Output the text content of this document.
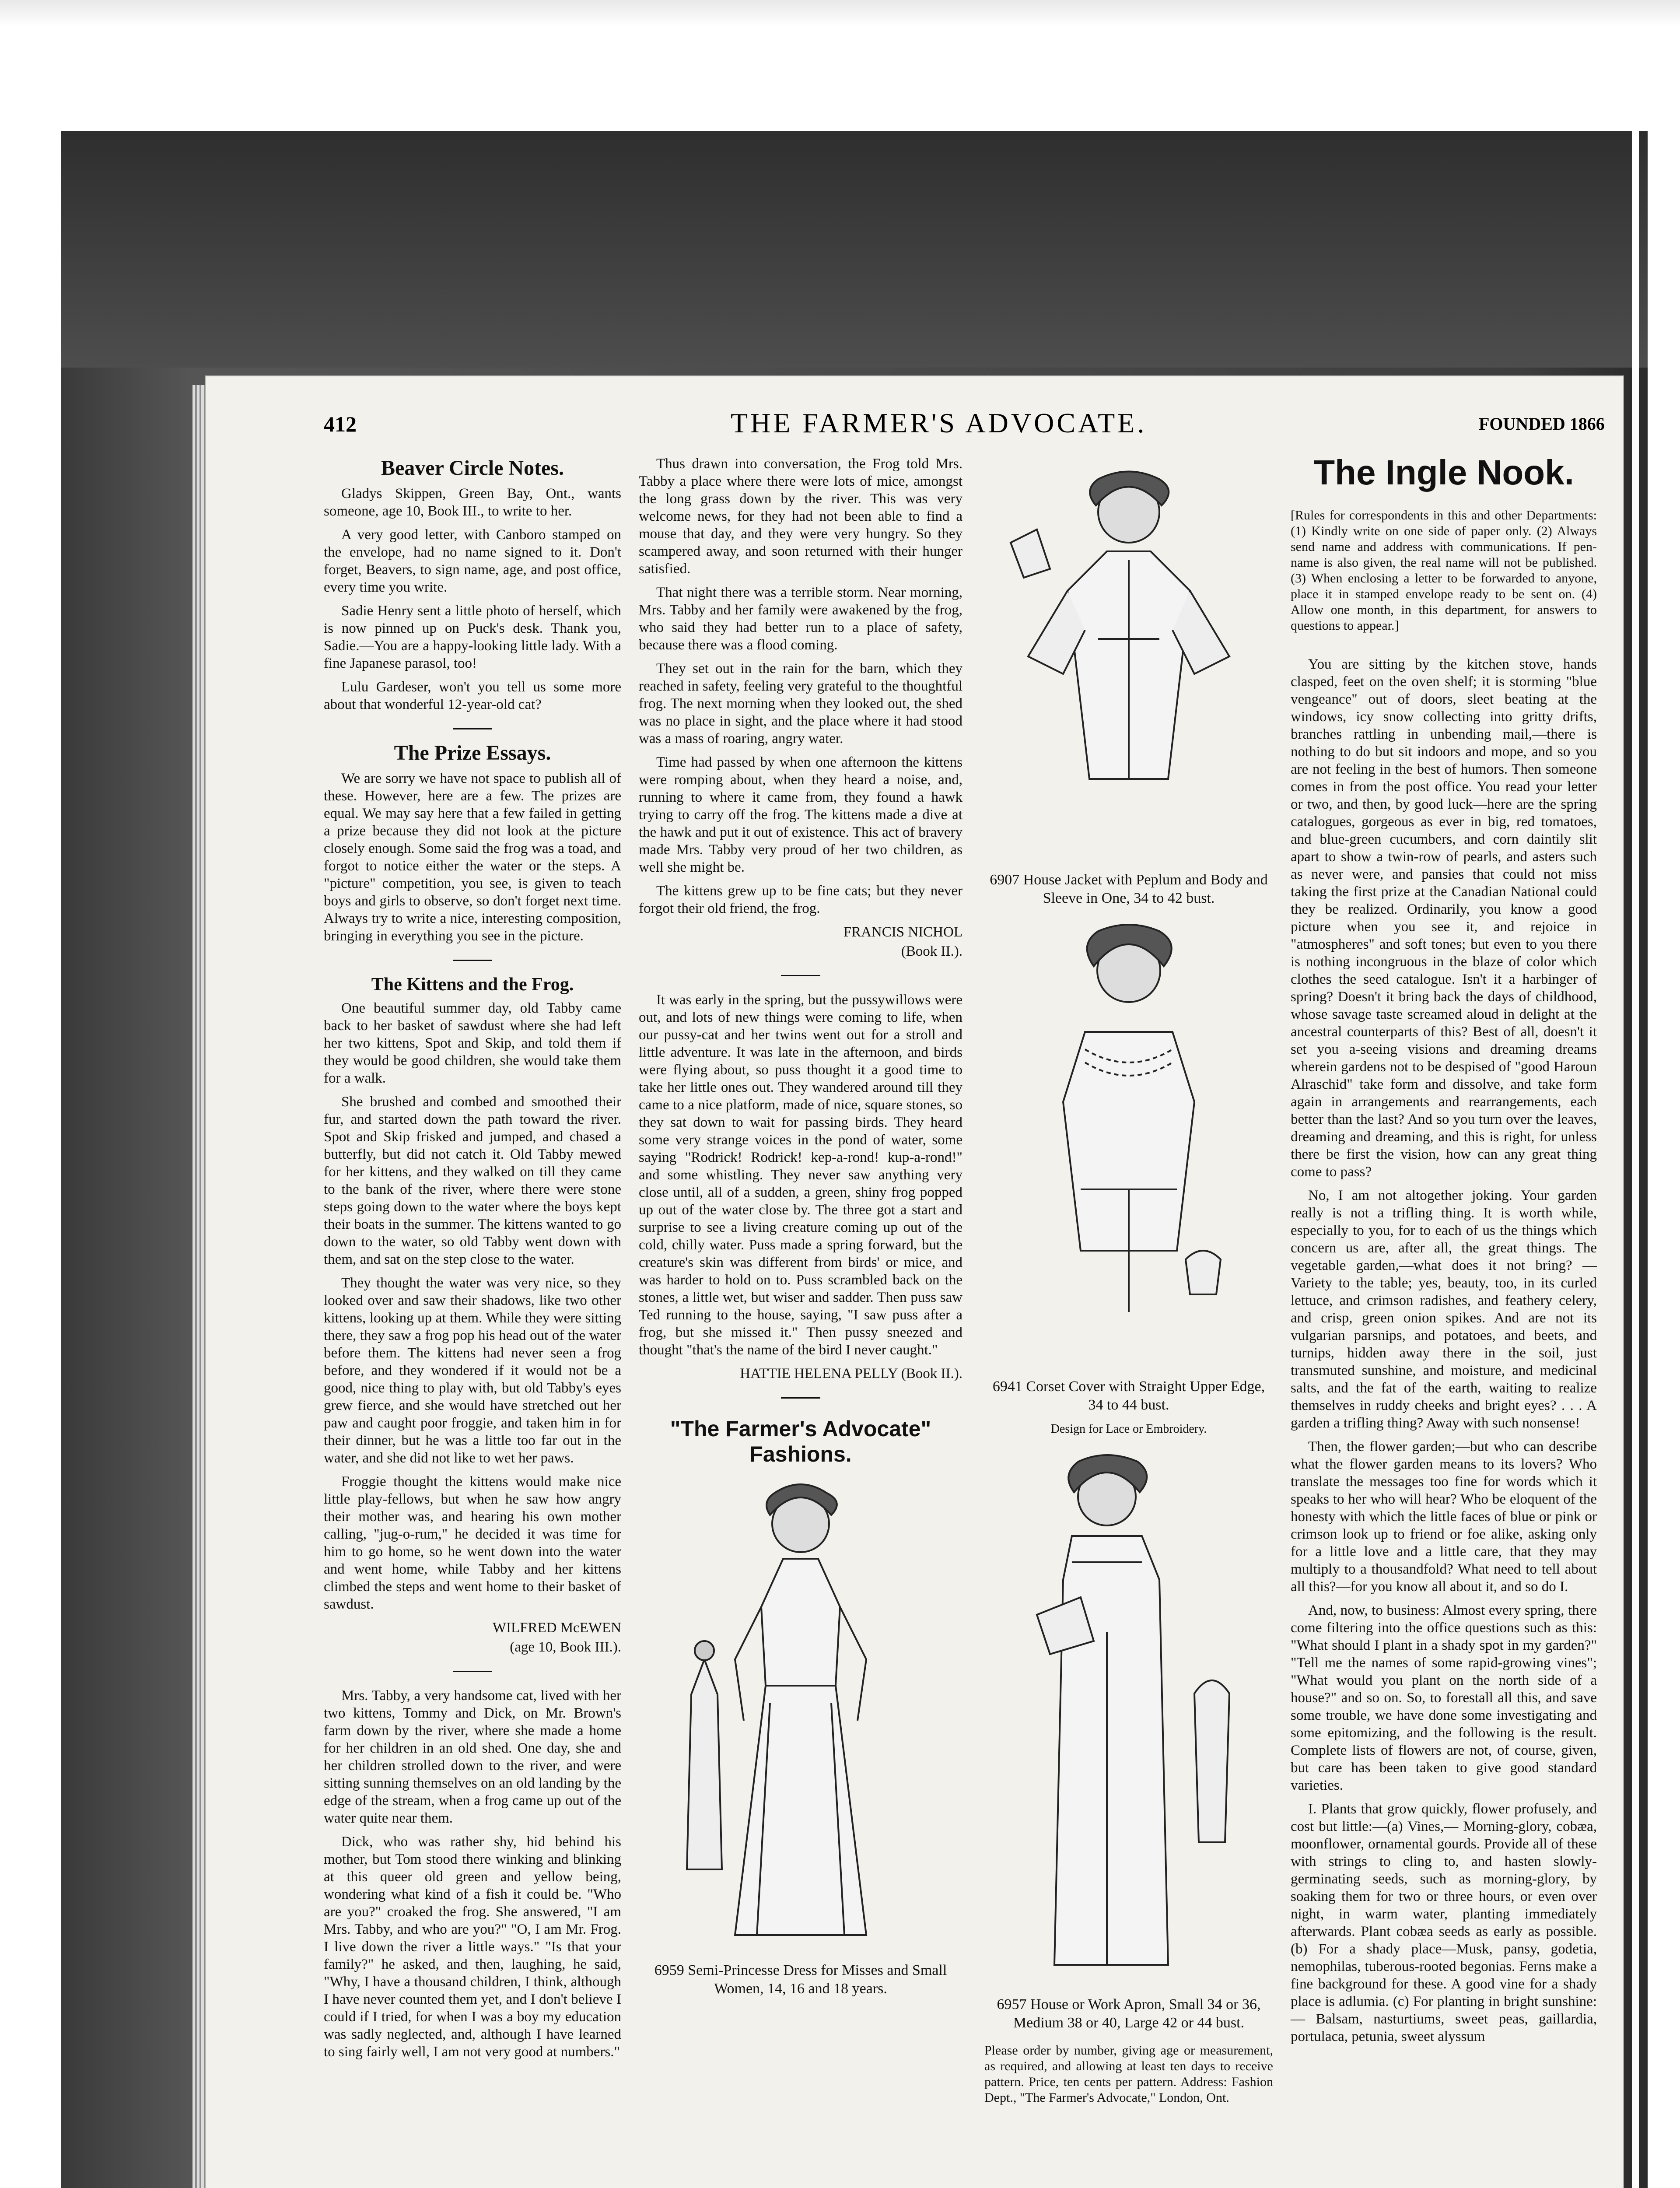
412	THE FARMER'S ADVOCATE.	FOUNDED 1866
Beaver Circle Notes.

Gladys Skippen, Green Bay, Ont., wants someone, age 10, Book III., to write to her.

A very good letter, with Canboro stamped on the envelope, had no name signed to it. Don't forget, Beavers, to sign name, age, and post office, every time you write.

Sadie Henry sent a little photo of herself, which is now pinned up on Puck's desk. Thank you, Sadie.—You are a happy-looking little lady. With a fine Japanese parasol, too!

Lulu Gardeser, won't you tell us some more about that wonderful 12-year-old cat?

The Prize Essays.

We are sorry we have not space to publish all of these. However, here are a few. The prizes are equal. We may say here that a few failed in getting a prize because they did not look at the picture closely enough. Some said the frog was a toad, and forgot to notice either the water or the steps. A "picture" competition, you see, is given to teach boys and girls to observe, so don't forget next time. Always try to write a nice, interesting composition, bringing in everything you see in the picture.

The Kittens and the Frog.

One beautiful summer day, old Tabby came back to her basket of sawdust where she had left her two kittens, Spot and Skip, and told them if they would be good children, she would take them for a walk.

She brushed and combed and smoothed their fur, and started down the path toward the river. Spot and Skip frisked and jumped, and chased a butterfly, but did not catch it. Old Tabby mewed for her kittens, and they walked on till they came to the bank of the river, where there were stone steps going down to the water where the boys kept their boats in the summer. The kittens wanted to go down to the water, so old Tabby went down with them, and sat on the step close to the water.

They thought the water was very nice, so they looked over and saw their shadows, like two other kittens, looking up at them. While they were sitting there, they saw a frog pop his head out of the water before them. The kittens had never seen a frog before, and they wondered if it would not be a good, nice thing to play with, but old Tabby's eyes grew fierce, and she would have stretched out her paw and caught poor froggie, and taken him in for their dinner, but he was a little too far out in the water, and she did not like to wet her paws.

Froggie thought the kittens would make nice little play-fellows, but when he saw how angry their mother was, and hearing his own mother calling, "jug-o-rum," he decided it was time for him to go home, so he went down into the water and went home, while Tabby and her kittens climbed the steps and went home to their basket of sawdust.

WILFRED McEWEN
(age 10, Book III.).

Mrs. Tabby, a very handsome cat, lived with her two kittens, Tommy and Dick, on Mr. Brown's farm down by the river, where she made a home for her children in an old shed. One day, she and her children strolled down to the river, and were sitting sunning themselves on an old landing by the edge of the stream, when a frog came up out of the water quite near them.

Dick, who was rather shy, hid behind his mother, but Tom stood there winking and blinking at this queer old green and yellow being, wondering what kind of a fish it could be. "Who are you?" croaked the frog. She answered, "I am Mrs. Tabby, and who are you?" "O, I am Mr. Frog. I live down the river a little ways." "Is that your family?" he asked, and then, laughing, he said, "Why, I have a thousand children, I think, although I have never counted them yet, and I don't believe I could if I tried, for when I was a boy my education was sadly neglected, and, although I have learned to sing fairly well, I am not very good at numbers."

Thus drawn into conversation, the Frog told Mrs. Tabby a place where there were lots of mice, amongst the long grass down by the river. This was very welcome news, for they had not been able to find a mouse that day, and they were very hungry. So they scampered away, and soon returned with their hunger satisfied.

That night there was a terrible storm. Near morning, Mrs. Tabby and her family were awakened by the frog, who said they had better run to a place of safety, because there was a flood coming.

They set out in the rain for the barn, which they reached in safety, feeling very grateful to the thoughtful frog. The next morning when they looked out, the shed was no place in sight, and the place where it had stood was a mass of roaring, angry water.

Time had passed by when one afternoon the kittens were romping about, when they heard a noise, and, running to where it came from, they found a hawk trying to carry off the frog. The kittens made a dive at the hawk and put it out of existence. This act of bravery made Mrs. Tabby very proud of her two children, as well she might be.

The kittens grew up to be fine cats; but they never forgot their old friend, the frog.

FRANCIS NICHOL
(Book II.).

It was early in the spring, but the pussywillows were out, and lots of new things were coming to life, when our pussy-cat and her twins went out for a stroll and little adventure. It was late in the afternoon, and birds were flying about, so puss thought it a good time to take her little ones out. They wandered around till they came to a nice platform, made of nice, square stones, so they sat down to wait for passing birds. They heard some very strange voices in the pond of water, some saying "Rodrick! Rodrick! kep-a-rond! kup-a-rond!" and some whistling. They never saw anything very close until, all of a sudden, a green, shiny frog popped up out of the water close by. The three got a start and surprise to see a living creature coming up out of the cold, chilly water. Puss made a spring forward, but the creature's skin was different from birds' or mice, and was harder to hold on to. Puss scrambled back on the stones, a little wet, but wiser and sadder. Then puss saw Ted running to the house, saying, "I saw puss after a frog, but she missed it." Then pussy sneezed and thought "that's the name of the bird I never caught."

HATTIE HELENA PELLY (Book II.).
"The Farmer's Advocate" Fashions.
6959 Semi-Princesse Dress for Misses and Small Women, 14, 16 and 18 years.
6907 House Jacket with Peplum and Body and Sleeve in One, 34 to 42 bust.
6941 Corset Cover with Straight Upper Edge, 34 to 44 bust.
Design for Lace or Embroidery.
6957 House or Work Apron, Small 34 or 36, Medium 38 or 40, Large 42 or 44 bust.
Please order by number, giving age or measurement, as required, and allowing at least ten days to receive pattern. Price, ten cents per pattern. Address: Fashion Dept., "The Farmer's Advocate," London, Ont.
The Ingle Nook.

[Rules for correspondents in this and other Departments: (1) Kindly write on one side of paper only. (2) Always send name and address with communications. If pen-name is also given, the real name will not be published. (3) When enclosing a letter to be forwarded to anyone, place it in stamped envelope ready to be sent on. (4) Allow one month, in this department, for answers to questions to appear.]

You are sitting by the kitchen stove, hands clasped, feet on the oven shelf; it is storming "blue vengeance" out of doors, sleet beating at the windows, icy snow collecting into gritty drifts, branches rattling in unbending mail,—there is nothing to do but sit indoors and mope, and so you are not feeling in the best of humors. Then someone comes in from the post office. You read your letter or two, and then, by good luck—here are the spring catalogues, gorgeous as ever in big, red tomatoes, and blue-green cucumbers, and corn daintily slit apart to show a twin-row of pearls, and asters such as never were, and pansies that could not miss taking the first prize at the Canadian National could they be realized. Ordinarily, you know a good picture when you see it, and rejoice in "atmospheres" and soft tones; but even to you there is nothing incongruous in the blaze of color which clothes the seed catalogue. Isn't it a harbinger of spring? Doesn't it bring back the days of childhood, whose savage taste screamed aloud in delight at the ancestral counterparts of this? Best of all, doesn't it set you a-seeing visions and dreaming dreams wherein gardens not to be despised of "good Haroun Alraschid" take form and dissolve, and take form again in arrangements and rearrangements, each better than the last? And so you turn over the leaves, dreaming and dreaming, and this is right, for unless there be first the vision, how can any great thing come to pass?

No, I am not altogether joking. Your garden really is not a trifling thing. It is worth while, especially to you, for to each of us the things which concern us are, after all, the great things. The vegetable garden,—what does it not bring? —Variety to the table; yes, beauty, too, in its curled lettuce, and crimson radishes, and feathery celery, and crisp, green onion spikes. And are not its vulgarian parsnips, and potatoes, and beets, and turnips, hidden away there in the soil, just transmuted sunshine, and moisture, and medicinal salts, and the fat of the earth, waiting to realize themselves in ruddy cheeks and bright eyes? . . . A garden a trifling thing? Away with such nonsense!

Then, the flower garden;—but who can describe what the flower garden means to its lovers? Who translate the messages too fine for words which it speaks to her who will hear? Who be eloquent of the honesty with which the little faces of blue or pink or crimson look up to friend or foe alike, asking only for a little love and a little care, that they may multiply to a thousandfold? What need to tell about all this?—for you know all about it, and so do I.

And, now, to business: Almost every spring, there come filtering into the office questions such as this: "What should I plant in a shady spot in my garden?" "Tell me the names of some rapid-growing vines"; "What would you plant on the north side of a house?" and so on. So, to forestall all this, and save some trouble, we have done some investigating and some epitomizing, and the following is the result. Complete lists of flowers are not, of course, given, but care has been taken to give good standard varieties.

I. Plants that grow quickly, flower profusely, and cost but little:—(a) Vines,— Morning-glory, cobæa, moonflower, ornamental gourds. Provide all of these with strings to cling to, and hasten slowly-germinating seeds, such as morning-glory, by soaking them for two or three hours, or even over night, in warm water, planting immediately afterwards. Plant cobæa seeds as early as possible. (b) For a shady place—Musk, pansy, godetia, nemophilas, tuberous-rooted begonias. Ferns make a fine background for these. A good vine for a shady place is adlumia. (c) For planting in bright sunshine:— Balsam, nasturtiums, sweet peas, gaillardia, portulaca, petunia, sweet alyssum
